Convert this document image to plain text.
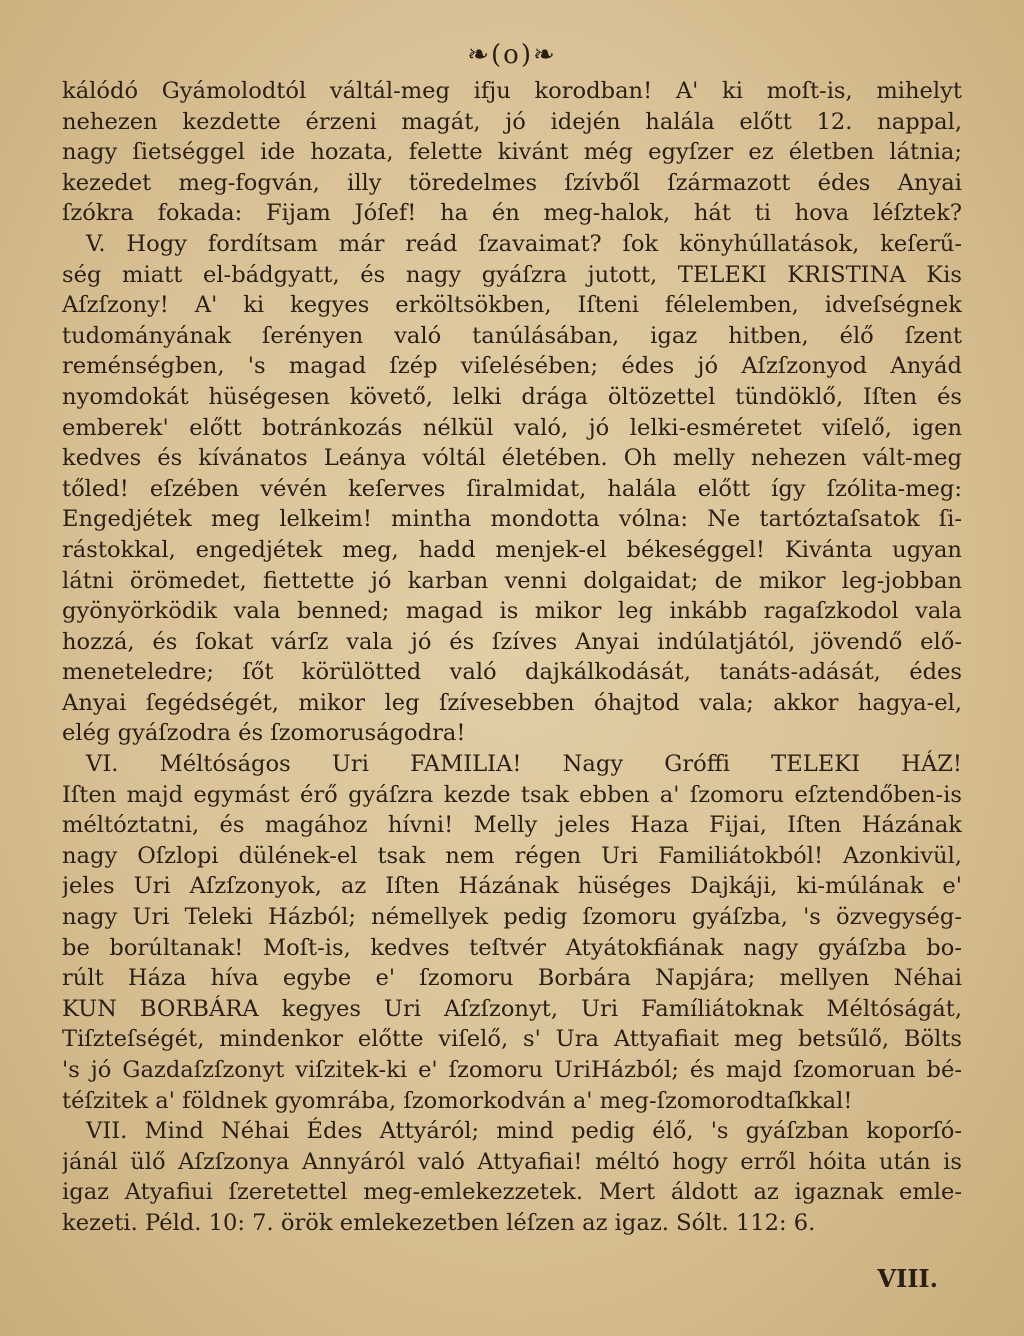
❧(o)❧
kálódó Gyámolodtól váltál-meg ifju korodban! A' ki moſt-is, mihelyt
nehezen kezdette érzeni magát, jó idején halála előtt 12. nappal,
nagy ſietséggel ide hozata, felette kivánt még egyſzer ez életben látnia;
kezedet meg-fogván, illy töredelmes ſzívből ſzármazott édes Anyai
ſzókra fokada: Fijam Jóſef! ha én meg-halok, hát ti hova léſztek?
V. Hogy fordítsam már reád ſzavaimat? ſok könyhúllatások, keſerű-
ség miatt el-bádgyatt, és nagy gyáſzra jutott, TELEKI KRISTINA Kis
Aſzſzony! A' ki kegyes erköltsökben, Iſteni félelemben, idveſségnek
tudományának ſerényen való tanúlásában, igaz hitben, élő ſzent
reménségben, 's magad ſzép viſelésében; édes jó Aſzſzonyod Anyád
nyomdokát hüségesen követő, lelki drága öltözettel tündöklő, Iſten és
emberek' előtt botránkozás nélkül való, jó lelki-esméretet viſelő, igen
kedves és kívánatos Leánya vóltál életében. Oh melly nehezen vált-meg
tőled! eſzében vévén keſerves ſiralmidat, halála előtt így ſzólita-meg:
Engedjétek meg lelkeim! mintha mondotta vólna: Ne tartóztaſsatok ſi-
rástokkal, engedjétek meg, hadd menjek-el békeséggel! Kivánta ugyan
látni örömedet, fiettette jó karban venni dolgaidat; de mikor leg-jobban
gyönyörködik vala benned; magad is mikor leg inkább ragaſzkodol vala
hozzá, és ſokat várſz vala jó és ſzíves Anyai indúlatjától, jövendő elő-
meneteledre; ſőt körülötted való dajkálkodását, tanáts-adását, édes
Anyai ſegédségét, mikor leg ſzívesebben óhajtod vala; akkor hagya-el,
elég gyáſzodra és ſzomoruságodra!
VI. Méltóságos Uri FAMILIA! Nagy Gróffi TELEKI HÁZ!
Iſten majd egymást érő gyáſzra kezde tsak ebben a' ſzomoru eſztendőben-is
méltóztatni, és magához hívni! Melly jeles Haza Fijai, Iſten Házának
nagy Oſzlopi dülének-el tsak nem régen Uri Familiátokból! Azonkivül,
jeles Uri Aſzſzonyok, az Iſten Házának hüséges Dajkáji, ki-múlának e'
nagy Uri Teleki Házból; némellyek pedig ſzomoru gyáſzba, 's özvegység-
be borúltanak! Moſt-is, kedves teſtvér Atyátokfiának nagy gyáſzba bo-
rúlt Háza híva egybe e' ſzomoru Borbára Napjára; mellyen Néhai
KUN BORBÁRA kegyes Uri Aſzſzonyt, Uri Famíliátoknak Méltóságát,
Tiſzteſségét, mindenkor előtte viſelő, s' Ura Attyafiait meg betsűlő, Bölts
's jó Gazdaſzſzonyt viſzitek-ki e' ſzomoru UriHázból; és majd ſzomoruan bé-
téſzitek a' földnek gyomrába, ſzomorkodván a' meg-ſzomorodtaſkkal!
VII. Mind Néhai Édes Attyáról; mind pedig élő, 's gyáſzban koporſó-
jánál ülő Aſzſzonya Annyáról való Attyafiai! méltó hogy erről hóita után is
igaz Atyafiui ſzeretettel meg-emlekezzetek. Mert áldott az igaznak emle-
kezeti. Péld. 10: 7. örök emlekezetben léſzen az igaz. Sólt. 112: 6.
VIII.
